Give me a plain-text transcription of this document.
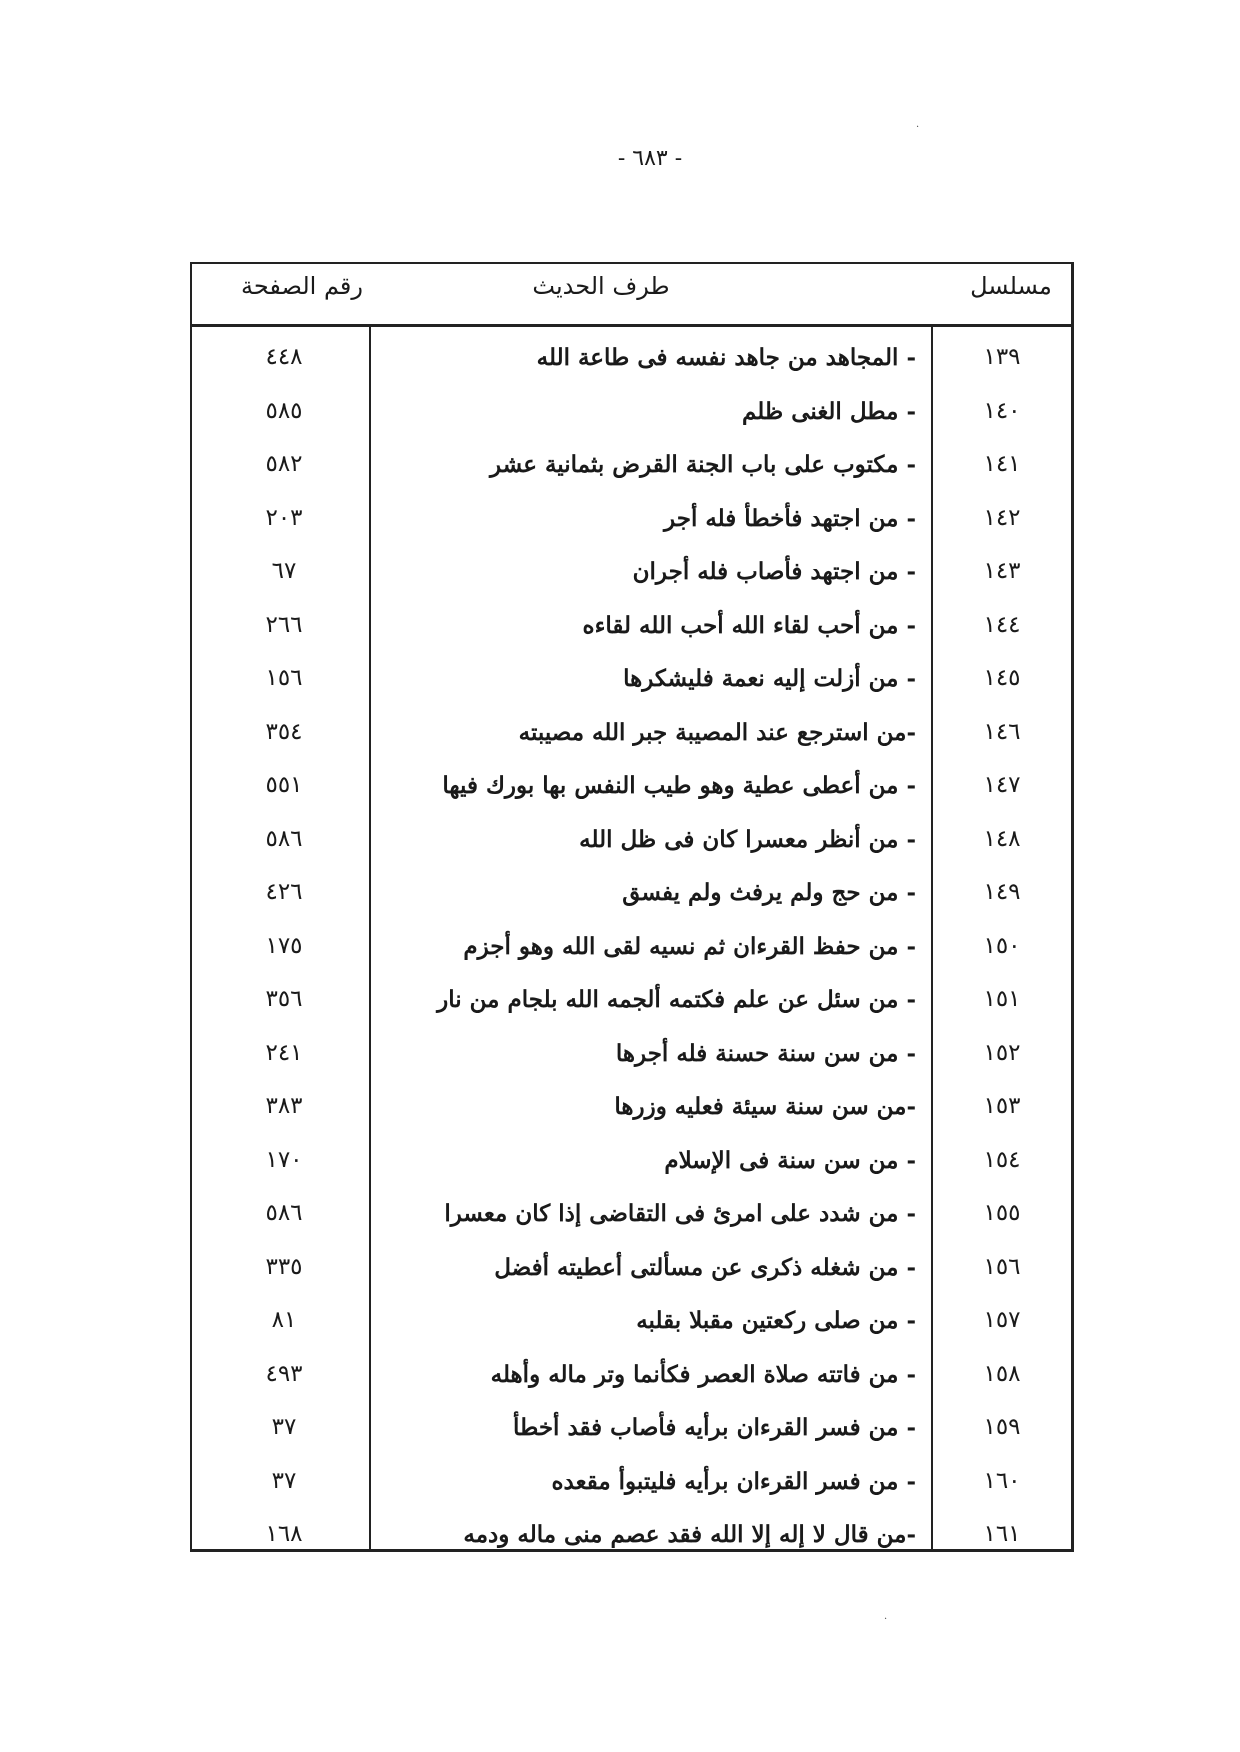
- ٦٨٣ -
·
·
مسلسل
طرف الحديث
رقم الصفحة
١٣٩
- المجاهد من جاهد نفسه فى طاعة الله
٤٤٨
١٤٠
- مطل الغنى ظلم
٥٨٥
١٤١
- مكتوب على باب الجنة القرض بثمانية عشر
٥٨٢
١٤٢
- من اجتهد فأخطأ فله أجر
٢٠٣
١٤٣
- من اجتهد فأصاب فله أجران
٦٧
١٤٤
- من أحب لقاء الله أحب الله لقاءه
٢٦٦
١٤٥
- من أزلت إليه نعمة فليشكرها
١٥٦
١٤٦
-من استرجع عند المصيبة جبر الله مصيبته
٣٥٤
١٤٧
- من أعطى عطية وهو طيب النفس بها بورك فيها
٥٥١
١٤٨
- من أنظر معسرا كان فى ظل الله
٥٨٦
١٤٩
- من حج ولم يرفث ولم يفسق
٤٢٦
١٥٠
- من حفظ القرءان ثم نسيه لقى الله وهو أجزم
١٧٥
١٥١
- من سئل عن علم فكتمه ألجمه الله بلجام من نار
٣٥٦
١٥٢
- من سن سنة حسنة فله أجرها
٢٤١
١٥٣
-من سن سنة سيئة فعليه وزرها
٣٨٣
١٥٤
- من سن سنة فى الإسلام
١٧٠
١٥٥
- من شدد على امرئ فى التقاضى إذا كان معسرا
٥٨٦
١٥٦
- من شغله ذكرى عن مسألتى أعطيته أفضل
٣٣٥
١٥٧
- من صلى ركعتين مقبلا بقلبه
٨١
١٥٨
- من فاتته صلاة العصر فكأنما وتر ماله وأهله
٤٩٣
١٥٩
- من فسر القرءان برأيه فأصاب فقد أخطأ
٣٧
١٦٠
- من فسر القرءان برأيه فليتبوأ مقعده
٣٧
١٦١
-من قال لا إله إلا الله فقد عصم منى ماله ودمه
١٦٨
